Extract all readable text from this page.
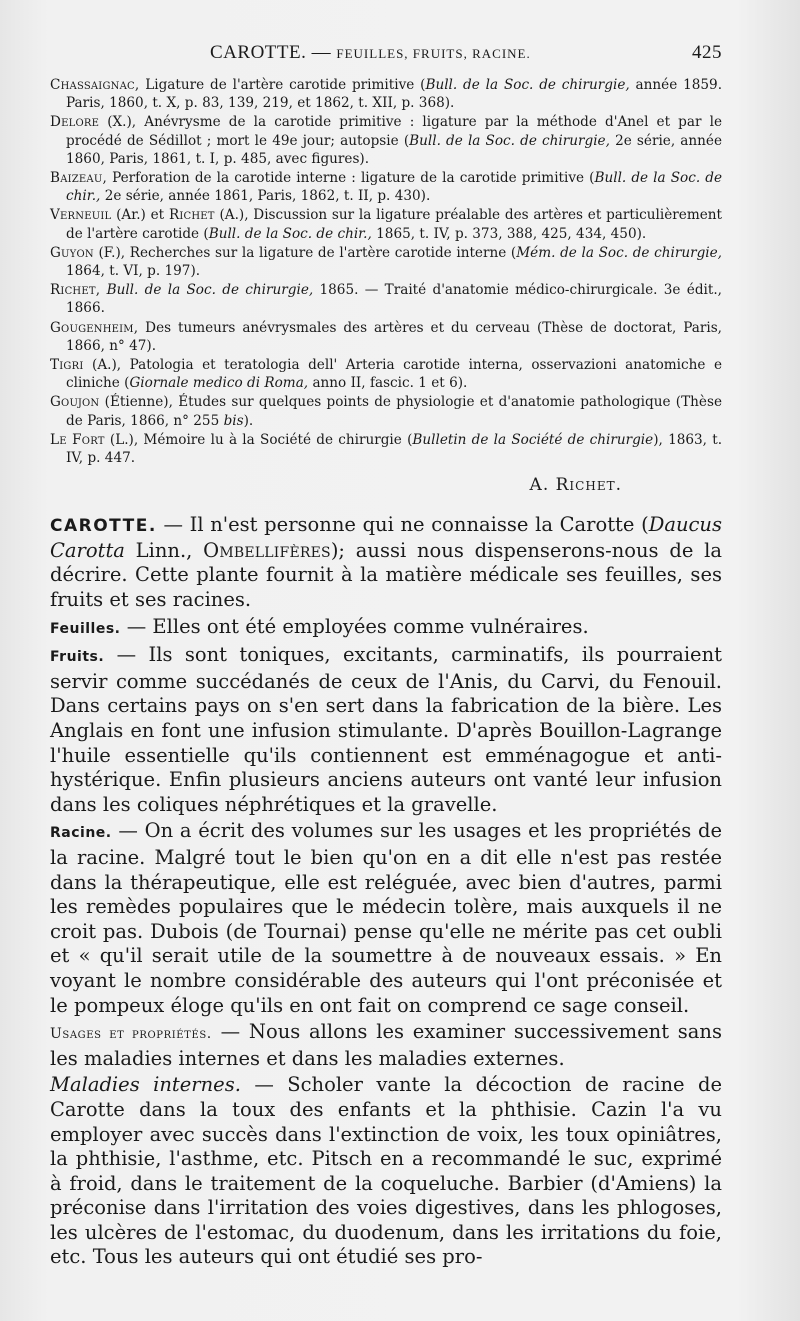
CAROTTE. — FEUILLES, FRUITS, RACINE.	425

Chassaignac, Ligature de l'artère carotide primitive (Bull. de la Soc. de chirurgie, année 1859. Paris, 1860, t. X, p. 83, 139, 219, et 1862, t. XII, p. 368).

Delore (X.), Anévrysme de la carotide primitive : ligature par la méthode d'Anel et par le procédé de Sédillot ; mort le 49e jour; autopsie (Bull. de la Soc. de chirurgie, 2e série, année 1860, Paris, 1861, t. I, p. 485, avec figures).

Baizeau, Perforation de la carotide interne : ligature de la carotide primitive (Bull. de la Soc. de chir., 2e série, année 1861, Paris, 1862, t. II, p. 430).

Verneuil (Ar.) et Richet (A.), Discussion sur la ligature préalable des artères et particulièrement de l'artère carotide (Bull. de la Soc. de chir., 1865, t. IV, p. 373, 388, 425, 434, 450).

Guyon (F.), Recherches sur la ligature de l'artère carotide interne (Mém. de la Soc. de chirurgie, 1864, t. VI, p. 197).

Richet, Bull. de la Soc. de chirurgie, 1865. — Traité d'anatomie médico-chirurgicale. 3e édit., 1866.

Gougenheim, Des tumeurs anévrysmales des artères et du cerveau (Thèse de doctorat, Paris, 1866, n° 47).

Tigri (A.), Patologia et teratologia dell' Arteria carotide interna, osservazioni anatomiche e cliniche (Giornale medico di Roma, anno II, fascic. 1 et 6).

Goujon (Étienne), Études sur quelques points de physiologie et d'anatomie pathologique (Thèse de Paris, 1866, n° 255 bis).

Le Fort (L.), Mémoire lu à la Société de chirurgie (Bulletin de la Société de chirurgie), 1863, t. IV, p. 447.

A. Richet.

CAROTTE. — Il n'est personne qui ne connaisse la Carotte (Daucus Carotta Linn., Ombellifères); aussi nous dispenserons-nous de la décrire. Cette plante fournit à la matière médicale ses feuilles, ses fruits et ses racines.

Feuilles. — Elles ont été employées comme vulnéraires.

Fruits. — Ils sont toniques, excitants, carminatifs, ils pourraient servir comme succédanés de ceux de l'Anis, du Carvi, du Fenouil. Dans certains pays on s'en sert dans la fabrication de la bière. Les Anglais en font une infusion stimulante. D'après Bouillon-Lagrange l'huile essentielle qu'ils contiennent est emménagogue et anti-hystérique. Enfin plusieurs anciens auteurs ont vanté leur infusion dans les coliques néphrétiques et la gravelle.

Racine. — On a écrit des volumes sur les usages et les propriétés de la racine. Malgré tout le bien qu'on en a dit elle n'est pas restée dans la thérapeutique, elle est reléguée, avec bien d'autres, parmi les remèdes populaires que le médecin tolère, mais auxquels il ne croit pas. Dubois (de Tournai) pense qu'elle ne mérite pas cet oubli et « qu'il serait utile de la soumettre à de nouveaux essais. » En voyant le nombre considérable des auteurs qui l'ont préconisée et le pompeux éloge qu'ils en ont fait on comprend ce sage conseil.

Usages et propriétés. — Nous allons les examiner successivement sans les maladies internes et dans les maladies externes.

Maladies internes. — Scholer vante la décoction de racine de Carotte dans la toux des enfants et la phthisie. Cazin l'a vu employer avec succès dans l'extinction de voix, les toux opiniâtres, la phthisie, l'asthme, etc. Pitsch en a recommandé le suc, exprimé à froid, dans le traitement de la coqueluche. Barbier (d'Amiens) la préconise dans l'irritation des voies digestives, dans les phlogoses, les ulcères de l'estomac, du duodenum, dans les irritations du foie, etc. Tous les auteurs qui ont étudié ses pro-
